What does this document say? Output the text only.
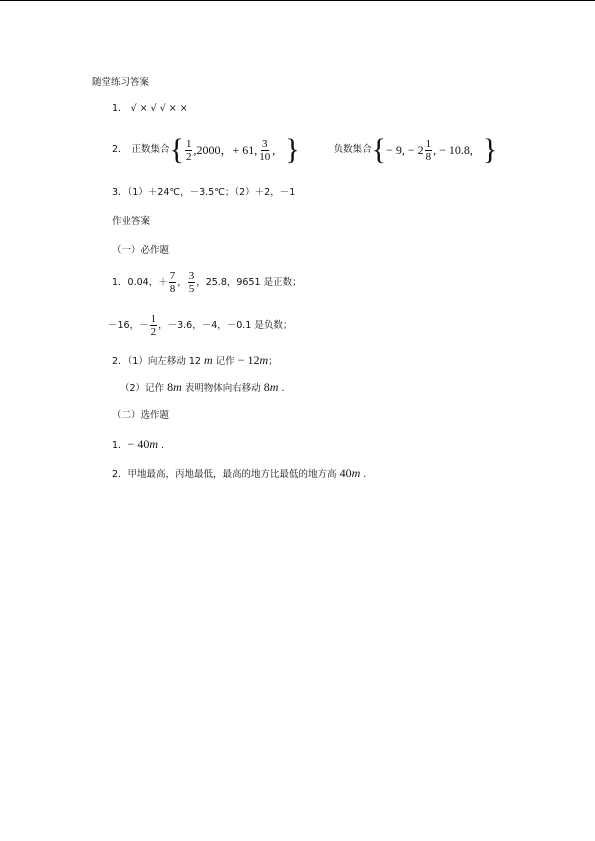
随堂练习答案
1． √ × √ √ × ×
2． 正数集合 { $\frac{1}{2} ,2000$，+ 61, $\frac{3}{10}$ , }	负数集合 { − 9, − $2 \frac{1}{8}$ , − 10.8, }
3．（1）＋24℃，－3.5℃；（2）＋2，－1
作业答案
（一）必作题
1．0.04，＋ $\frac{7}{8}$ ， $\frac{3}{5}$ ，25.8，9651 是正数；
－16，－ $\frac{1}{2}$ ，－3.6，－4，－0.1 是负数；
2．（1）向左移动 12 m 记作 − 12m；
（2）记作 8m 表明物体向右移动 8m .
（二）选作题
1．− 40m .
2．甲地最高，丙地最低，最高的地方比最低的地方高 40m .
